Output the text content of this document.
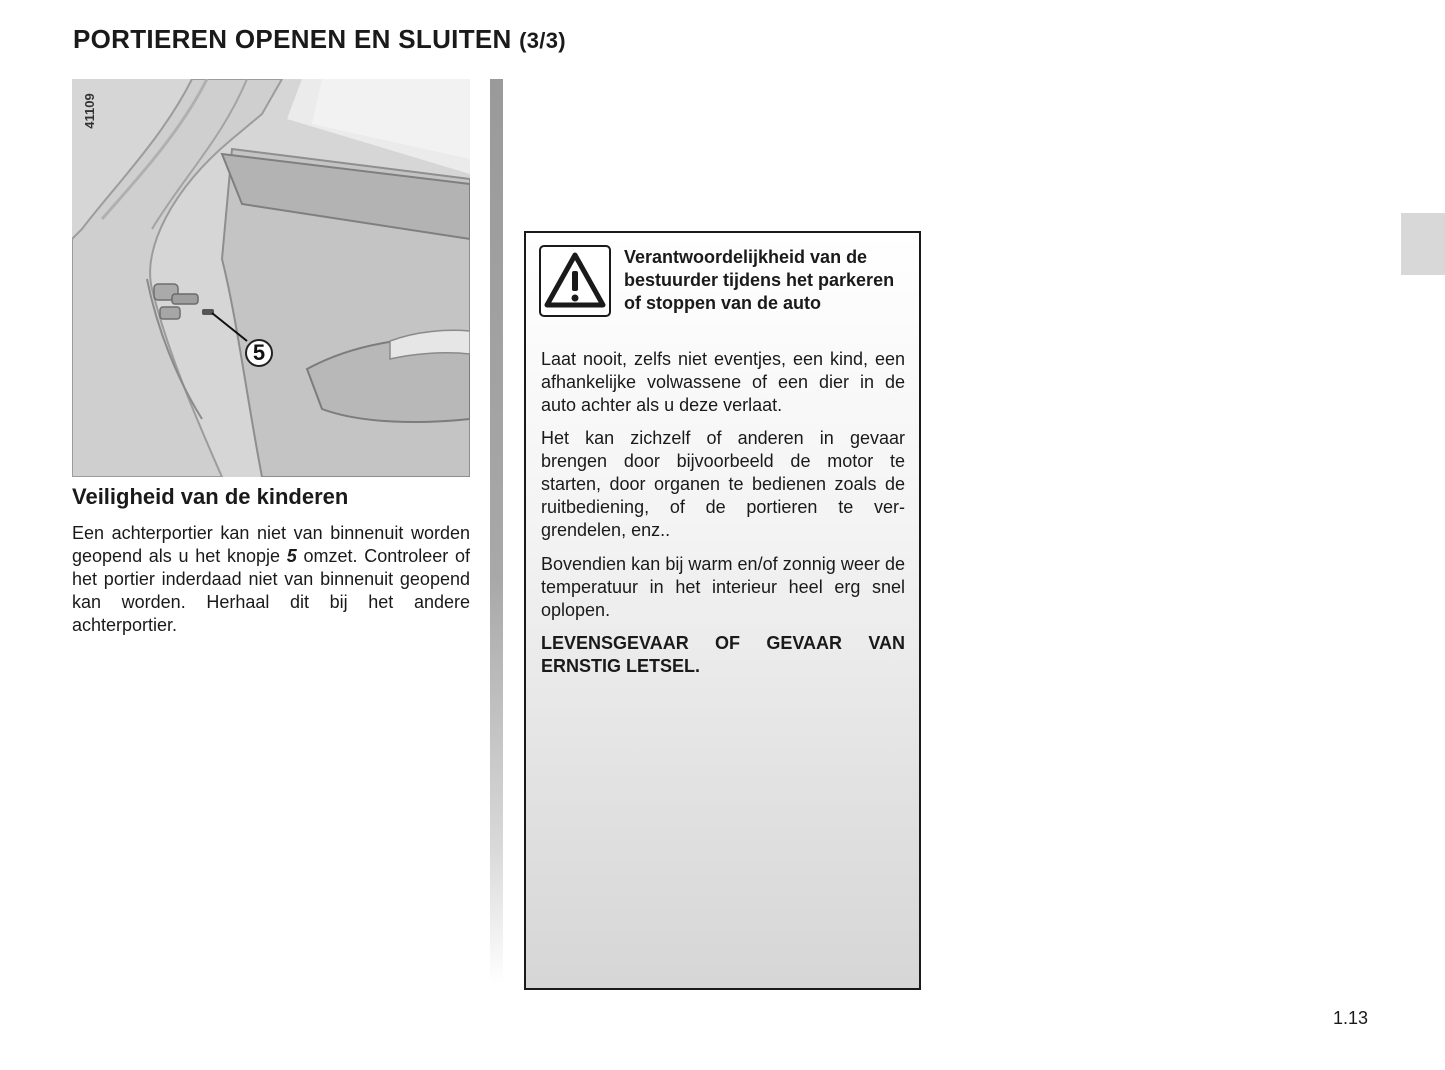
PORTIEREN OPENEN EN SLUITEN (3/3)
41109
5
Veiligheid van de kinderen

Een achterportier kan niet van binnenuit worden geopend als u het knopje 5 omzet. Controleer of het portier inderdaad niet van binnenuit geopend kan worden. Herhaal dit bij het andere achterportier.

Verantwoordelijkheid van de bestuurder tijdens het parkeren of stoppen van de auto

Laat nooit, zelfs niet eventjes, een kind, een afhankelijke volwassene of een dier in de auto achter als u deze verlaat.

Het kan zichzelf of anderen in gevaar brengen door bijvoorbeeld de motor te starten, door organen te bedienen zoals de ruitbediening, of de portieren te vergrendelen, enz..

Bovendien kan bij warm en/of zonnig weer de temperatuur in het interieur heel erg snel oplopen.

LEVENSGEVAAR OF GEVAAR VAN ERNSTIG LETSEL.

1.13
